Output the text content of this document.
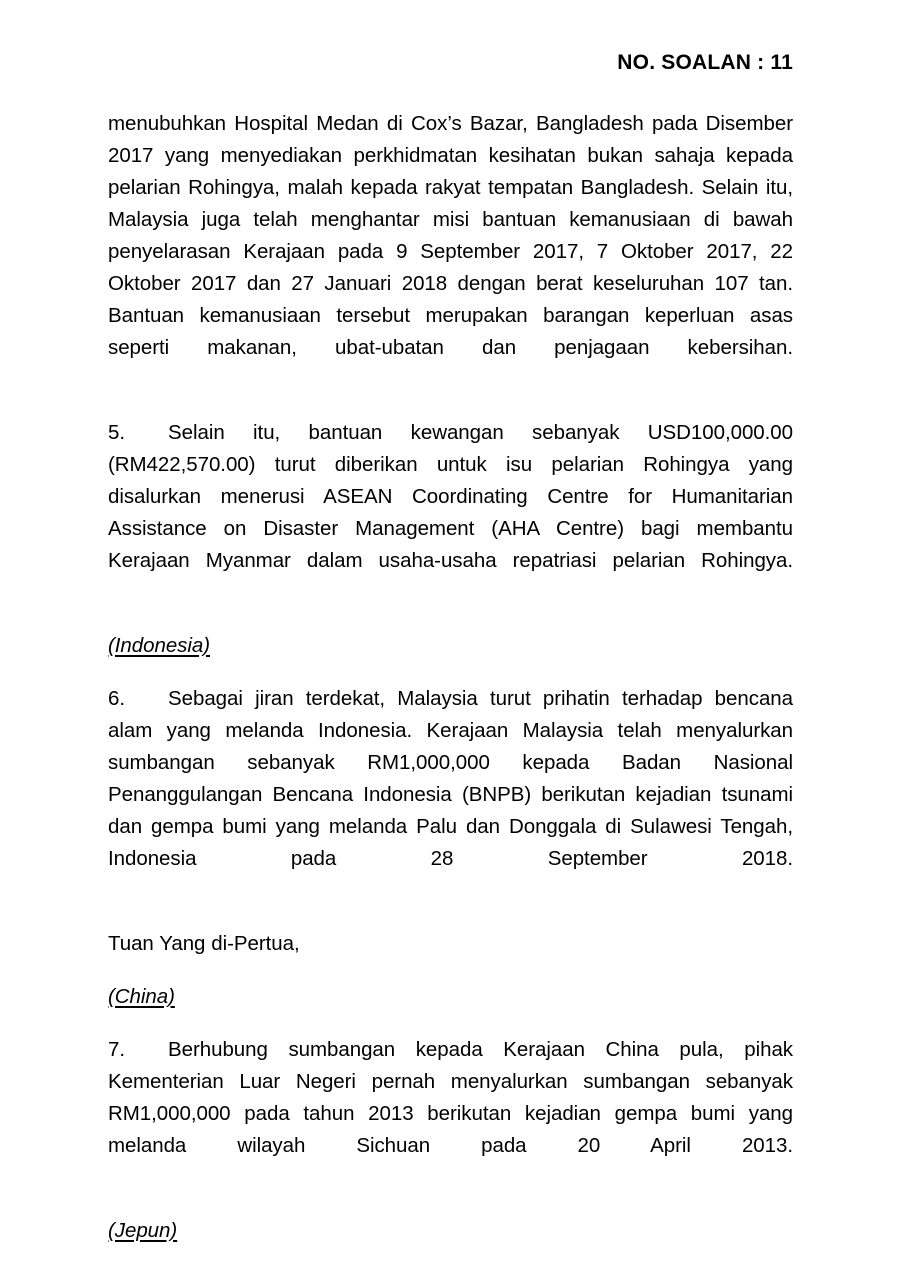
NO. SOALAN : 11

menubuhkan Hospital Medan di Cox’s Bazar, Bangladesh pada Disember 2017 yang menyediakan perkhidmatan kesihatan bukan sahaja kepada pelarian Rohingya, malah kepada rakyat tempatan Bangladesh. Selain itu, Malaysia juga telah menghantar misi bantuan kemanusiaan di bawah penyelarasan Kerajaan pada 9 September 2017, 7 Oktober 2017, 22 Oktober 2017 dan 27 Januari 2018 dengan berat keseluruhan 107 tan. Bantuan kemanusiaan tersebut merupakan barangan keperluan asas seperti makanan, ubat-ubatan dan penjagaan kebersihan.

5. Selain itu, bantuan kewangan sebanyak USD100,000.00 (RM422,570.00) turut diberikan untuk isu pelarian Rohingya yang disalurkan menerusi ASEAN Coordinating Centre for Humanitarian Assistance on Disaster Management (AHA Centre) bagi membantu Kerajaan Myanmar dalam usaha-usaha repatriasi pelarian Rohingya.

(Indonesia)

6. Sebagai jiran terdekat, Malaysia turut prihatin terhadap bencana alam yang melanda Indonesia. Kerajaan Malaysia telah menyalurkan sumbangan sebanyak RM1,000,000 kepada Badan Nasional Penanggulangan Bencana Indonesia (BNPB) berikutan kejadian tsunami dan gempa bumi yang melanda Palu dan Donggala di Sulawesi Tengah, Indonesia pada 28 September 2018.

Tuan Yang di-Pertua,

(China)

7. Berhubung sumbangan kepada Kerajaan China pula, pihak Kementerian Luar Negeri pernah menyalurkan sumbangan sebanyak RM1,000,000 pada tahun 2013 berikutan kejadian gempa bumi yang melanda wilayah Sichuan pada 20 April 2013.

(Jepun)
